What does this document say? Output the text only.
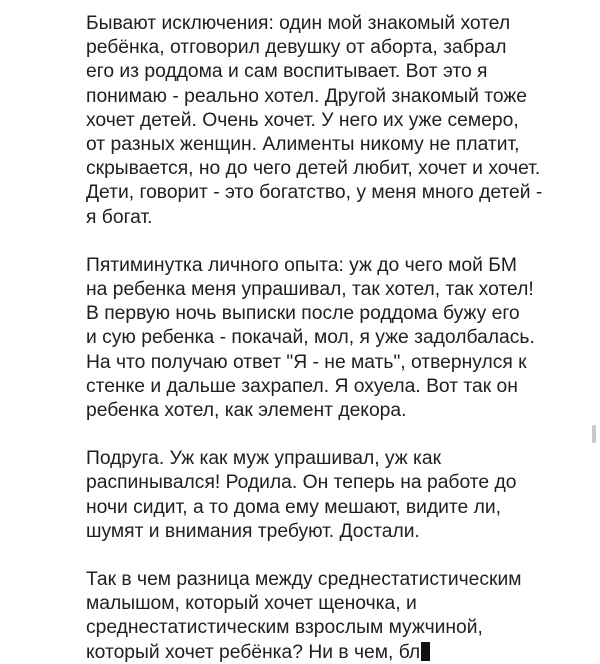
Бывают исключения: один мой знакомый хотел
ребёнка, отговорил девушку от аборта, забрал
его из роддома и сам воспитывает. Вот это я
понимаю - реально хотел. Другой знакомый тоже
хочет детей. Очень хочет. У него их уже семеро,
от разных женщин. Алименты никому не платит,
скрывается, но до чего детей любит, хочет и хочет.
Дети, говорит - это богатство, у меня много детей -
я богат.
Пятиминутка личного опыта: уж до чего мой БМ
на ребенка меня упрашивал, так хотел, так хотел!
В первую ночь выписки после роддома бужу его
и сую ребенка - покачай, мол, я уже задолбалась.
На что получаю ответ "Я - не мать", отвернулся к
стенке и дальше захрапел. Я охуела. Вот так он
ребенка хотел, как элемент декора.
Подруга. Уж как муж упрашивал, уж как
распинывался! Родила. Он теперь на работе до
ночи сидит, а то дома ему мешают, видите ли,
шумят и внимания требуют. Достали.
Так в чем разница между среднестатистическим
малышом, который хочет щеночка, и
среднестатистическим взрослым мужчиной,
который хочет ребёнка? Ни в чем, бл
